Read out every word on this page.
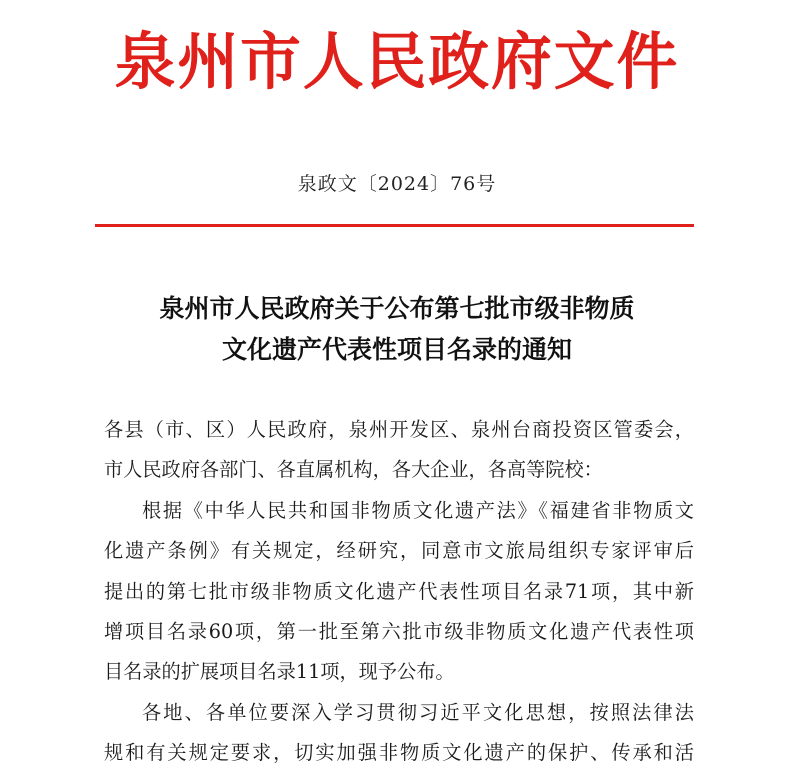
泉州市人民政府文件
泉政文〔2024〕76号
泉州市人民政府关于公布第七批市级非物质
文化遗产代表性项目名录的通知
各县（市、区）人民政府，泉州开发区、泉州台商投资区管委会，
市人民政府各部门、各直属机构，各大企业，各高等院校：
根据《中华人民共和国非物质文化遗产法》《福建省非物质文
化遗产条例》有关规定，经研究，同意市文旅局组织专家评审后
提出的第七批市级非物质文化遗产代表性项目名录71项，其中新
增项目名录60项，第一批至第六批市级非物质文化遗产代表性项
目名录的扩展项目名录11项，现予公布。
各地、各单位要深入学习贯彻习近平文化思想，按照法律法
规和有关规定要求，切实加强非物质文化遗产的保护、传承和活
